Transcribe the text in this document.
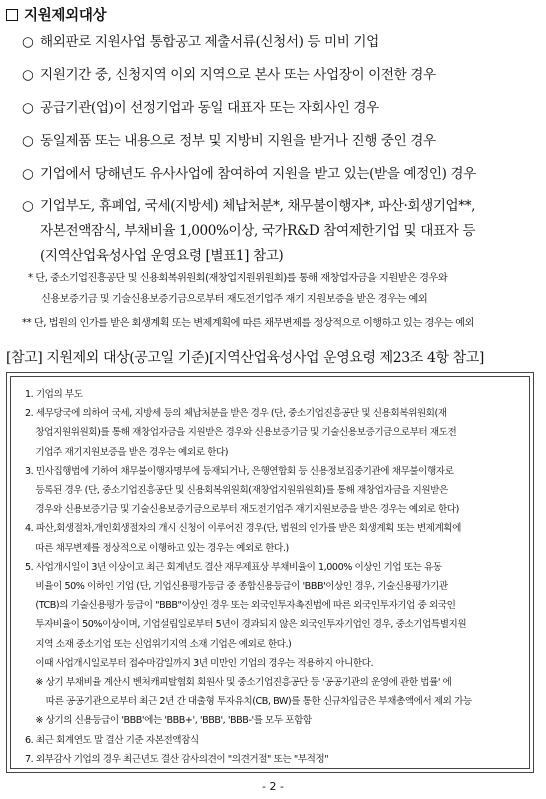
지원제외대상
○ 해외판로 지원사업 통합공고 제출서류(신청서) 등 미비 기업
○ 지원기간 중, 신청지역 이외 지역으로 본사 또는 사업장이 이전한 경우
○ 공급기관(업)이 선정기업과 동일 대표자 또는 자회사인 경우
○ 동일제품 또는 내용으로 정부 및 지방비 지원을 받거나 진행 중인 경우
○ 기업에서 당해년도 유사사업에 참여하여 지원을 받고 있는(받을 예정인) 경우
○ 기업부도, 휴폐업, 국세(지방세) 체납처분*, 채무불이행자*, 파산·회생기업**,
자본전액잠식, 부채비율 1,000%이상, 국가R&D 참여제한기업 및 대표자 등
(지역산업육성사업 운영요령 [별표1] 참고)
* 단, 중소기업진흥공단 및 신용회복위원회(재창업지원위원회)를 통해 재창업자금을 지원받은 경우와
신용보증기금 및 기술신용보증기금으로부터 재도전기업주 재기 지원보증을 받은 경우는 예외
** 단, 법원의 인가를 받은 회생계획 또는 변제계획에 따른 채무변제를 정상적으로 이행하고 있는 경우는 예외
[참고] 지원제외 대상(공고일 기준)[지역산업육성사업 운영요령 제23조 4항 참고]
1. 기업의 부도
2. 세무당국에 의하여 국세, 지방세 등의 체납처분을 받은 경우 (단, 중소기업진흥공단 및 신용회복위원회(재
창업지원위원회)를 통해 재창업자금을 지원받은 경우와 신용보증기금 및 기술신용보증기금으로부터 재도전
기업주 재기지원보증을 받은 경우는 예외로 한다)
3. 민사집행법에 기하여 채무불이행자명부에 등재되거나, 은행연합회 등 신용정보집중기관에 채무불이행자로
등록된 경우 (단, 중소기업진흥공단 및 신용회복위원회(재창업지원위원회)를 통해 재창업자금을 지원받은
경우와 신용보증기금 및 기술신용보증기금으로부터 재도전기업주 재기지원보증을 받은 경우는 예외로 한다)
4. 파산,회생절차,개인회생절차의 개시 신청이 이루어진 경우(단, 법원의 인가를 받은 회생계획 또는 변제계획에
따른 채무변제를 정상적으로 이행하고 있는 경우는 예외로 한다.)
5. 사업개시일이 3년 이상이고 최근 회계년도 결산 재무제표상 부채비율이 1,000% 이상인 기업 또는 유동
비율이 50% 이하인 기업 (단, 기업신용평가등급 중 종합신용등급이 'BBB'이상인 경우, 기술신용평가기관
(TCB)의 기술신용평가 등급이 "BBB"이상인 경우 또는 외국인투자촉진법에 따른 외국인투자기업 중 외국인
투자비율이 50%이상이며, 기업설립일로부터 5년이 경과되지 않은 외국인투자기업인 경우, 중소기업특별지원
지역 소재 중소기업 또는 신업위기지역 소재 기업은 예외로 한다.)
이때 사업개시일로부터 접수마감일까지 3년 미만인 기업의 경우는 적용하지 아니한다.
※ 상기 부채비율 계산시 벤처캐피탈협회 회원사 및 중소기업진흥공단 등 '공공기관의 운영에 관한 법률' 에
따른 공공기관으로부터 최근 2년 간 대출형 투자유치(CB, BW)를 통한 신규차입금은 부채총액에서 제외 가능
※ 상기의 신용등급이 'BBB'에는 'BBB+', 'BBB', 'BBB-'를 모두 포함함
6. 최근 회계연도 말 결산 기준 자본전액잠식
7. 외부감사 기업의 경우 최근년도 결산 감사의견이 "의견거절" 또는 "부적정"
- 2 -
